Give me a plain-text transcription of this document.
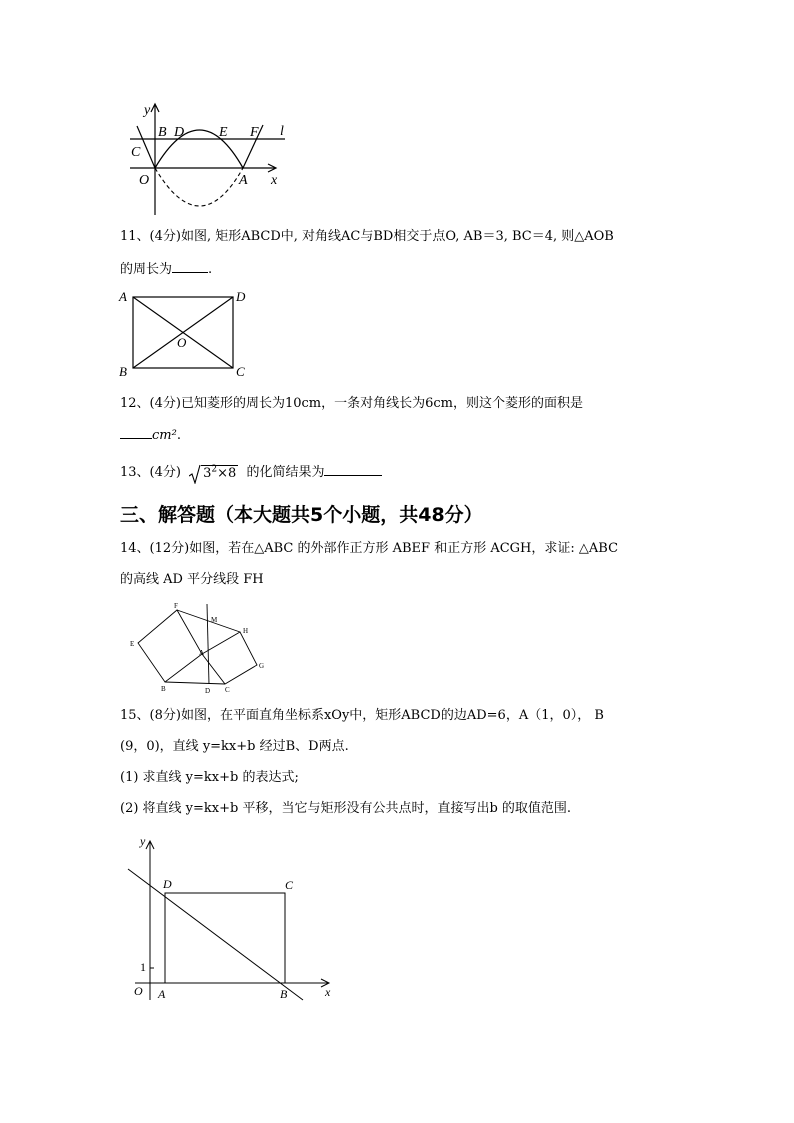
y
B D E F l
C
O	A x
11、(4分)如图, 矩形ABCD中, 对角线AC与BD相交于点O, AB＝3, BC＝4, 则△AOB
的周长为	.
A	D
O
B	C
12、(4分)已知菱形的周长为10cm，一条对角线长为6cm，则这个菱形的面积是
cm².
13、(4分) $3^2\times 8$ 的化简结果为
三、解答题（本大题共5个小题，共48分）
14、(12分)如图，若在△ABC 的外部作正方形 ABEF 和正方形 ACGH，求证: △ABC
的高线 AD 平分线段 FH
F
M
H
E
A
G
B	D C
15、(8分)如图，在平面直角坐标系xOy中，矩形ABCD的边AD=6，A（1，0）， B
(9，0)，直线 y=kx+b 经过B、D两点.
(1) 求直线 y=kx+b 的表达式;
(2) 将直线 y=kx+b 平移，当它与矩形没有公共点时，直接写出b 的取值范围.
y
D	C
1
O A	B	x
